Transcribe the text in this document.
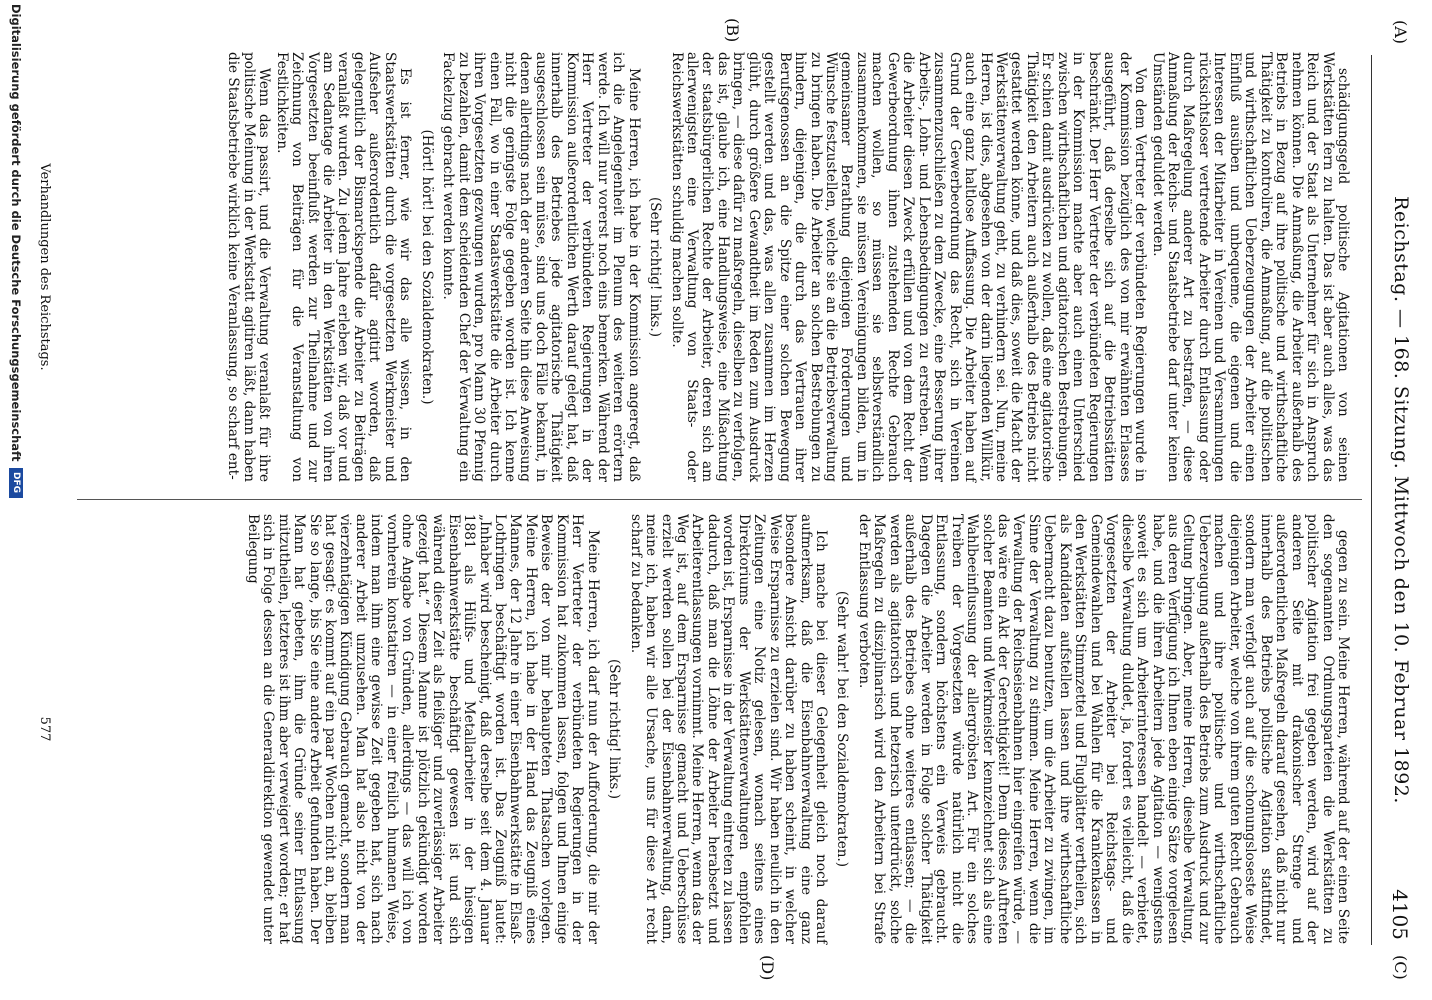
Reichstag. — 168. Sitzung. Mittwoch den 10. Februar 1892.
4105
(A)
(B)
(C)
(D)

schädigungsgeld politische Agitationen von seinen Werkstätten fern zu halten. Das ist aber auch alles, was das Reich und der Staat als Unternehmer für sich in Anspruch nehmen können. Die Anmaßung, die Arbeiter außerhalb des Betriebs in Bezug auf ihre politische und wirthschaftliche Thätigkeit zu kontroliren, die Anmaßung, auf die politischen und wirthschaftlichen Ueberzeugungen der Arbeiter einen Einfluß ausüben und unbequeme, die eigenen und die Interessen der Mitarbeiter in Vereinen und Versammlungen rücksichtsloser vertretende Arbeiter durch Entlassung oder durch Maßregelung anderer Art zu bestrafen, — diese Anmaßung der Reichs- und Staatsbetriebe darf unter keinen Umständen geduldet werden.

Von dem Vertreter der verbündeten Regierungen wurde in der Kommission bezüglich des von mir erwähnten Erlasses ausgeführt, daß derselbe sich auf die Betriebsstätten beschränkt. Der Herr Vertreter der verbündeten Regierungen in der Kommission machte aber auch einen Unterschied zwischen wirthschaftlichen und agitatorischen Bestrebungen. Er schien damit ausdrücken zu wollen, daß eine agitatorische Thätigkeit den Arbeitern auch außerhalb des Betriebs nicht gestattet werden könne, und daß dies, soweit die Macht der Werkstättenverwaltung geht, zu verhindern sei. Nun, meine Herren, ist dies, abgesehen von der darin liegenden Willkür, auch eine ganz haltlose Auffassung. Die Arbeiter haben auf Grund der Gewerbeordnung das Recht, sich in Vereinen zusammenzuschließen zu dem Zwecke, eine Besserung ihrer Arbeits-, Lohn- und Lebensbedingungen zu erstreben. Wenn die Arbeiter diesen Zweck erfüllen und von dem Recht der Gewerbeordnung ihnen zustehenden Rechte Gebrauch machen wollen, so müssen sie selbstverständlich zusammenkommen, sie müssen Vereinigungen bilden, um in gemeinsamer Berathung diejenigen Forderungen und Wünsche festzustellen, welche sie an die Betriebsverwaltung zu bringen haben. Die Arbeiter an solchen Bestrebungen zu hindern, diejenigen, die durch das Vertrauen ihrer Berufsgenossen an die Spitze einer solchen Bewegung gestellt werden und das, was allen zusammen im Herzen glüht, durch größere Gewandtheit im Reden zum Ausdruck bringen, — diese dafür zu maßregeln, dieselben zu verfolgen, das ist, glaube ich, eine Handlungsweise, eine Mißachtung der staatsbürgerlichen Rechte der Arbeiter, deren sich am allerwenigsten eine Verwaltung von Staats- oder Reichswerkstätten schuldig machen sollte.

(Sehr richtig! links.)

Meine Herren, ich habe in der Kommission angeregt, daß ich die Angelegenheit im Plenum des weiteren erörtern werde. Ich will nur vorerst noch eins bemerken. Während der Herr Vertreter der verbündeten Regierungen in der Kommission außerordentlichen Werth darauf gelegt hat, daß innerhalb des Betriebes jede agitatorische Thätigkeit ausgeschlossen sein müsse, sind uns doch Fälle bekannt, in denen allerdings nach der anderen Seite hin diese Anweisung nicht die geringste Folge gegeben worden ist. Ich kenne einen Fall, wo in einer Staatswerkstätte die Arbeiter durch ihren Vorgesetzten gezwungen wurden, pro Mann 30 Pfennig zu bezahlen, damit dem scheidenden Chef der Verwaltung ein Fackelzug gebracht werden konnte.

(Hört! hört! bei den Sozialdemokraten.)

Es ist ferner, wie wir das alle wissen, in den Staatswerkstätten durch die vorgesetzten Werkmeister und Aufseher außerordentlich dafür agitirt worden, daß gelegentlich der Bismarckspende die Arbeiter zu Beiträgen veranlaßt wurden. Zu jedem Jahre erleben wir, daß vor und am Sedantage die Arbeiter in den Werkstätten von ihren Vorgesetzten beeinflußt werden zur Theilnahme und zur Zeichnung von Beiträgen für die Veranstaltung von Festlichkeiten.

Wenn das passirt, und die Verwaltung veranlaßt für ihre politische Meinung in der Werkstatt agitiren läßt, dann haben die Staatsbetriebe wirklich keine Veranlassung, so scharf ent-

gegen zu sein. Meine Herren, während auf der einen Seite den sogenannten Ordnungsparteien die Werkstätten zu politischer Agitation frei gegeben werden, wird auf der anderen Seite mit drakonischer Strenge und außerordentlichen Maßregeln darauf gesehen, daß nicht nur innerhalb des Betriebs politische Agitation stattfindet, sondern man verfolgt auch auf die schonungsloseste Weise diejenigen Arbeiter, welche von ihrem guten Recht Gebrauch machen und ihre politische und wirthschaftliche Ueberzeugung außerhalb des Betriebs zum Ausdruck und zur Geltung bringen. Aber, meine Herren, dieselbe Verwaltung, aus deren Verfügung ich Ihnen eben einige Sätze vorgelesen habe, und die ihren Arbeitern jede Agitation — wenigstens soweit es sich um Arbeiterinteressen handelt — verbietet, dieselbe Verwaltung duldet, ja, fordert es vielleicht, daß die Vorgesetzten der Arbeiter bei Reichstags- und Gemeindewahlen und bei Wahlen für die Krankenkassen in den Werkstätten Stimmzettel und Flugblätter vertheilen, sich als Kandidaten aufstellen lassen und ihre wirthschaftliche Uebermacht dazu benutzen, um die Arbeiter zu zwingen, im Sinne der Verwaltung zu stimmen. Meine Herren, wenn die Verwaltung der Reichseisenbahnen hier eingreifen würde, — das wäre ein Akt der Gerechtigkeit! Denn dieses Auftreten solcher Beamten und Werkmeister kennzeichnet sich als eine Wahlbeeinflussung der allergröbsten Art. Für ein solches Treiben der Vorgesetzten würde natürlich nicht die Entlassung, sondern höchstens ein Verweis gebraucht. Dagegen die Arbeiter werden in Folge solcher Thätigkeit außerhalb des Betriebes ohne weiteres entlassen; — die werden als agitatorisch und hetzerisch unterdrückt, solche Maßregeln zu disziplinarisch wird den Arbeitern bei Strafe der Entlassung verboten.

(Sehr wahr! bei den Sozialdemokraten.)

Ich mache bei dieser Gelegenheit gleich noch darauf aufmerksam, daß die Eisenbahnverwaltung eine ganz besondere Ansicht darüber zu haben scheint, in welcher Weise Ersparnisse zu erzielen sind. Wir haben neulich in den Zeitungen eine Notiz gelesen, wonach seitens eines Direktoriums der Werkstättenverwaltungen empfohlen worden ist, Ersparnisse in der Verwaltung eintreten zu lassen dadurch, daß man die Löhne der Arbeiter herabsetzt und Arbeiterentlassungen vornimmt. Meine Herren, wenn das der Weg ist, auf dem Ersparnisse gemacht und Ueberschüsse erzielt werden sollen bei der Eisenbahnverwaltung, dann, meine ich, haben wir alle Ursache, uns für diese Art recht scharf zu bedanken.

(Sehr richtig! links.)

Meine Herren, ich darf nun der Aufforderung, die mir der Herr Vertreter der verbündeten Regierungen in der Kommission hat zukommen lassen, folgen und Ihnen einige Beweise der von mir behaupteten Thatsachen vorlegen. Meine Herren, ich habe in der Hand das Zeugniß eines Mannes, der 12 Jahre in einer Eisenbahnwerkstätte in Elsaß-Lothringen beschäftigt worden ist. Das Zeugniß lautet: „Inhaber wird bescheinigt, daß derselbe seit dem 4. Januar 1881 als Hülfs- und Metallarbeiter in der hiesigen Eisenbahnwerkstätte beschäftigt gewesen ist und sich während dieser Zeit als fleißiger und zuverlässiger Arbeiter gezeigt hat.“ Diesem Manne ist plötzlich gekündigt worden ohne Angabe von Gründen, allerdings — das will ich von vornherein konstatiren — in einer freilich humanen Weise, indem man ihm eine gewisse Zeit gegeben hat, sich nach anderer Arbeit umzusehen. Man hat also nicht von der vierzehntägigen Kündigung Gebrauch gemacht, sondern man hat gesagt: es kommt auf ein paar Wochen nicht an, bleiben Sie so lange, bis Sie eine andere Arbeit gefunden haben. Der Mann hat gebeten, ihm die Gründe seiner Entlassung mitzutheilen, letzteres ist ihm aber verweigert worden; er hat sich in Folge dessen an die Generaldirektion gewendet unter Beilegung

Verhandlungen des Reichstags.
577
Digitalisierung gefördert durch die Deutsche Forschungsgemeinschaft
DFG
